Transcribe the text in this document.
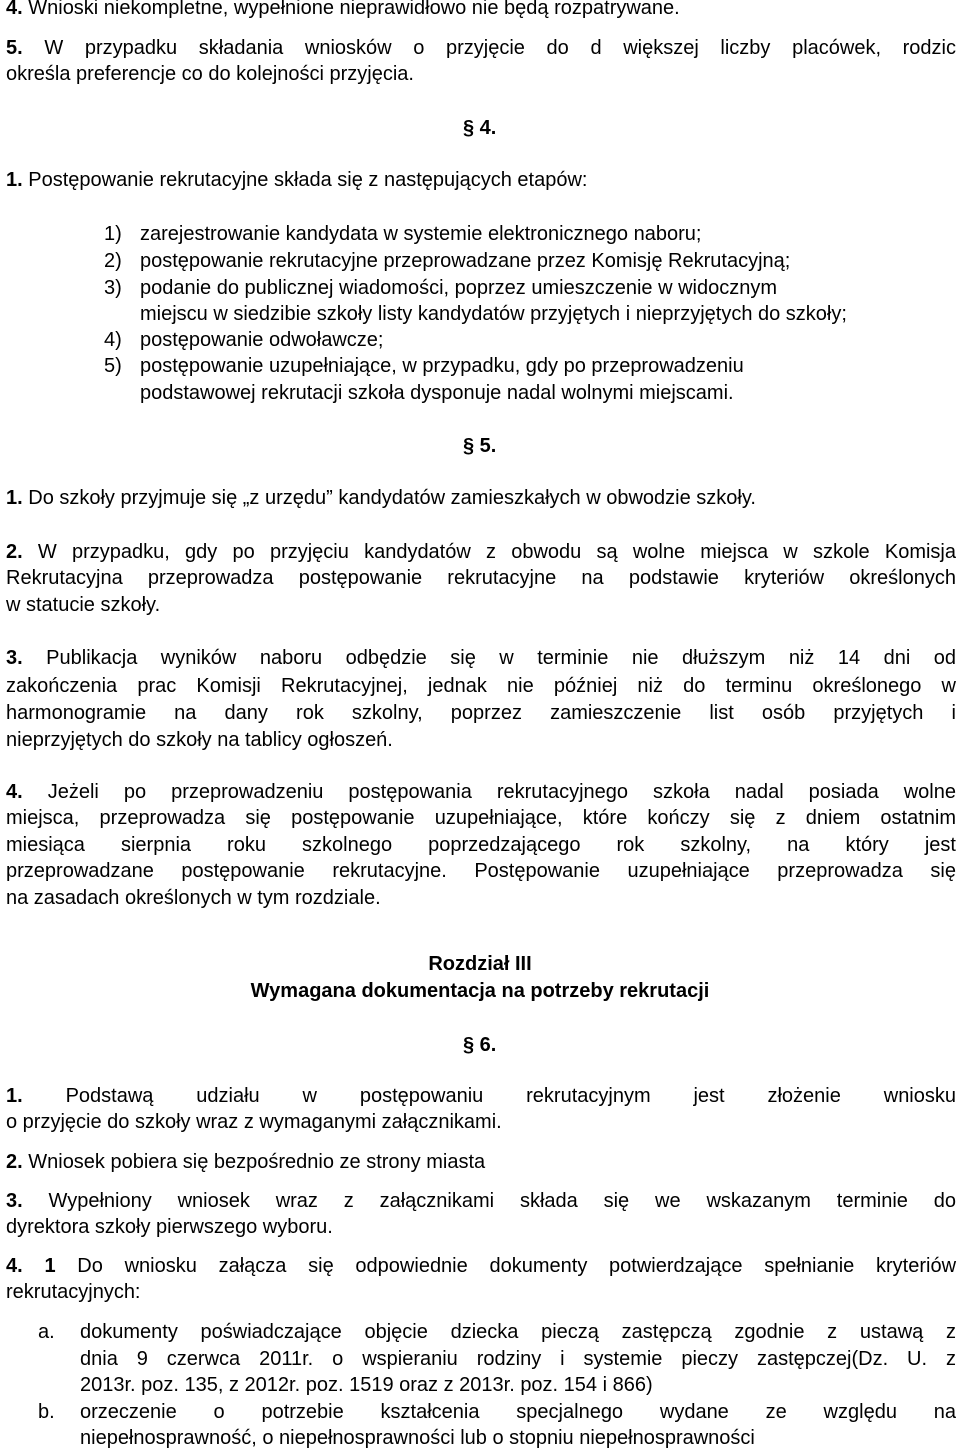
4. Wnioski niekompletne, wypełnione nieprawidłowo nie będą rozpatrywane.
5. W przypadku składania wniosków o przyjęcie do d większej liczby placówek, rodzic
określa preferencje co do kolejności przyjęcia.
§ 4.
1. Postępowanie rekrutacyjne składa się z następujących etapów:
1) zarejestrowanie kandydata w systemie elektronicznego naboru;
2) postępowanie rekrutacyjne przeprowadzane przez Komisję Rekrutacyjną;
3) podanie do publicznej wiadomości, poprzez umieszczenie w widocznym
miejscu w siedzibie szkoły listy kandydatów przyjętych i nieprzyjętych do szkoły;
4) postępowanie odwoławcze;
5) postępowanie uzupełniające, w przypadku, gdy po przeprowadzeniu
podstawowej rekrutacji szkoła dysponuje nadal wolnymi miejscami.
§ 5.
1. Do szkoły przyjmuje się „z urzędu” kandydatów zamieszkałych w obwodzie szkoły.
2. W przypadku, gdy po przyjęciu kandydatów z obwodu są wolne miejsca w szkole Komisja
Rekrutacyjna przeprowadza postępowanie rekrutacyjne na podstawie kryteriów określonych
w statucie szkoły.
3. Publikacja wyników naboru odbędzie się w terminie nie dłuższym niż 14 dni od
zakończenia prac Komisji Rekrutacyjnej, jednak nie później niż do terminu określonego w
harmonogramie na dany rok szkolny, poprzez zamieszczenie list osób przyjętych i
nieprzyjętych do szkoły na tablicy ogłoszeń.
4. Jeżeli po przeprowadzeniu postępowania rekrutacyjnego szkoła nadal posiada wolne
miejsca, przeprowadza się postępowanie uzupełniające, które kończy się z dniem ostatnim
miesiąca sierpnia roku szkolnego poprzedzającego rok szkolny, na który jest
przeprowadzane postępowanie rekrutacyjne. Postępowanie uzupełniające przeprowadza się
na zasadach określonych w tym rozdziale.
Rozdział III
Wymagana dokumentacja na potrzeby rekrutacji
§ 6.
1. Podstawą udziału w postępowaniu rekrutacyjnym jest złożenie wniosku
o przyjęcie do szkoły wraz z wymaganymi załącznikami.
2. Wniosek pobiera się bezpośrednio ze strony miasta
3. Wypełniony wniosek wraz z załącznikami składa się we wskazanym terminie do
dyrektora szkoły pierwszego wyboru.
4. 1 Do wniosku załącza się odpowiednie dokumenty potwierdzające spełnianie kryteriów
rekrutacyjnych:
a. dokumenty poświadczające objęcie dziecka pieczą zastępczą zgodnie z ustawą z
dnia 9 czerwca 2011r. o wspieraniu rodziny i systemie pieczy zastępczej(Dz. U. z
2013r. poz. 135, z 2012r. poz. 1519 oraz z 2013r. poz. 154 i 866)
b. orzeczenie o potrzebie kształcenia specjalnego wydane ze względu na
niepełnosprawność, o niepełnosprawności lub o stopniu niepełnosprawności
